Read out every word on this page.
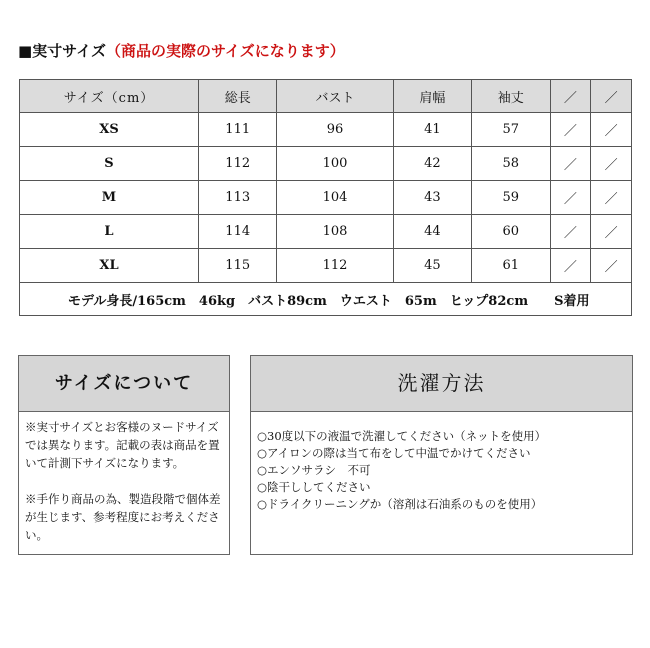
■実寸サイズ（商品の実際のサイズになります）
サイズ（cm）	総長	バスト	肩幅	袖丈	／	／
XS	111	96	41	57	／	／
S	112	100	42	58	／	／
M	113	104	43	59	／	／
L	114	108	44	60	／	／
XL	115	112	45	61	／	／
モデル身長/165cm　46kg　バスト89cm　ウエスト　65m　ヒップ82cm　　S着用						
サイズについて

※実寸サイズとお客様のヌードサイズでは異なります。記載の表は商品を置いて計測下サイズになります。

※手作り商品の為、製造段階で個体差が生じます、参考程度にお考えください。

洗濯方法

○30度以下の液温で洗濯してください（ネットを使用）

○アイロンの際は当て布をして中温でかけてください

○エンソサラシ　不可

○陰干ししてください

○ドライクリーニングか（溶剤は石油系のものを使用）
